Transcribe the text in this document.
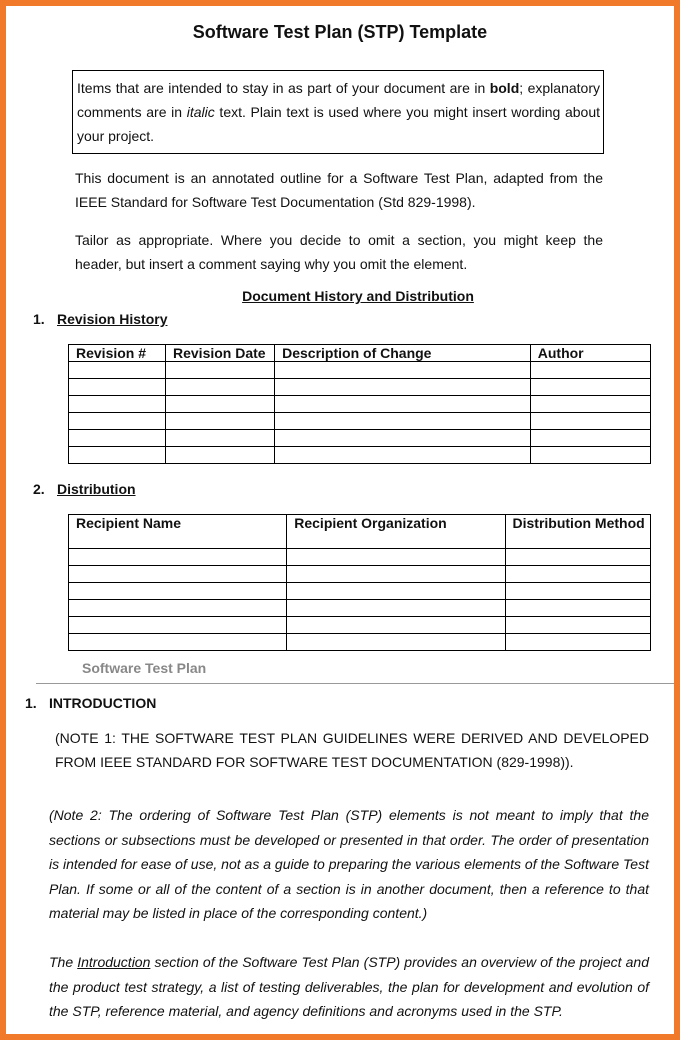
Software Test Plan (STP) Template
Items that are intended to stay in as part of your document are in bold; explanatory comments are in italic text. Plain text is used where you might insert wording about your project.
This document is an annotated outline for a Software Test Plan, adapted from the IEEE Standard for Software Test Documentation (Std 829-1998).
Tailor as appropriate. Where you decide to omit a section, you might keep the header, but insert a comment saying why you omit the element.
Document History and Distribution
1. Revision History
Revision #	Revision Date	Description of Change	Author

2. Distribution
Recipient Name	Recipient Organization	Distribution Method

Software Test Plan
1. INTRODUCTION
(NOTE 1: THE SOFTWARE TEST PLAN GUIDELINES WERE DERIVED AND DEVELOPED FROM IEEE STANDARD FOR SOFTWARE TEST DOCUMENTATION (829-1998)).
(Note 2: The ordering of Software Test Plan (STP) elements is not meant to imply that the sections or subsections must be developed or presented in that order. The order of presentation is intended for ease of use, not as a guide to preparing the various elements of the Software Test Plan. If some or all of the content of a section is in another document, then a reference to that material may be listed in place of the corresponding content.)
The Introduction section of the Software Test Plan (STP) provides an overview of the project and the product test strategy, a list of testing deliverables, the plan for development and evolution of the STP, reference material, and agency definitions and acronyms used in the STP.
